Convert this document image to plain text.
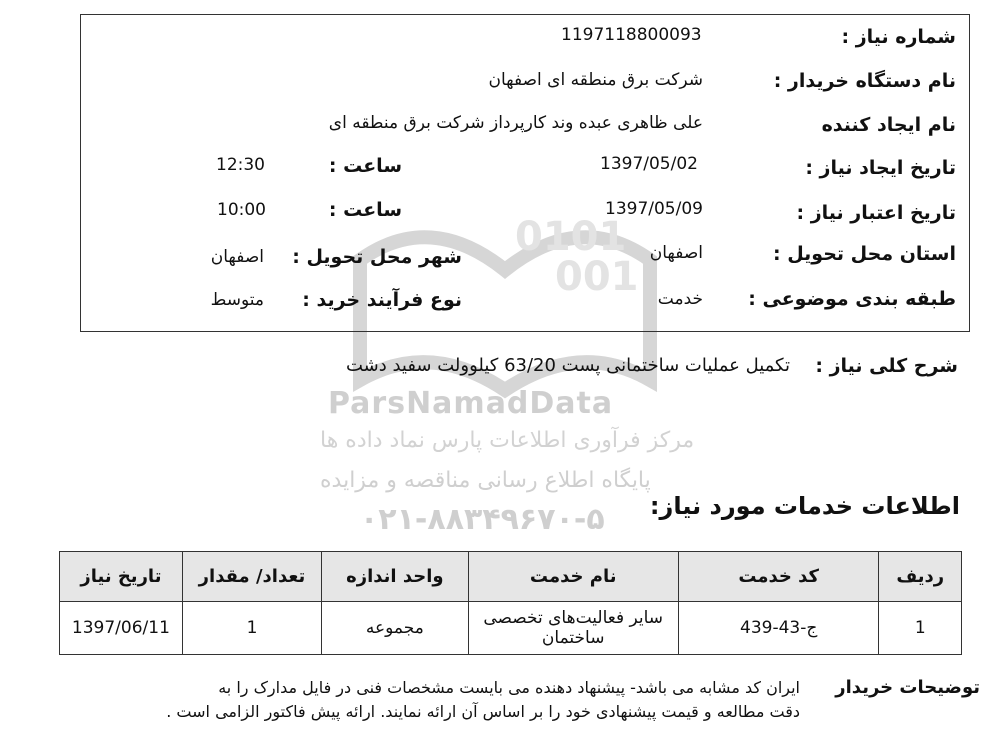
0101
001
ParsNamadData
مرکز فرآوری اطلاعات پارس نماد داده ها
پایگاه اطلاع رسانی مناقصه و مزایده
۰۲۱-۸۸۳۴۹۶۷۰-۵
شماره نیاز :
1197118800093
نام دستگاه خریدار :
شرکت برق منطقه ای اصفهان
نام ایجاد کننده
علی ظاهری عبده وند کارپرداز شرکت برق منطقه ای
تاریخ ایجاد نیاز :
1397/05/02
ساعت :
12:30
تاریخ اعتبار نیاز :
1397/05/09
ساعت :
10:00
استان محل تحویل :
اصفهان
شهر محل تحویل :
اصفهان
طبقه بندی موضوعی :
خدمت
نوع فرآیند خرید :
متوسط
شرح کلی نیاز :
تکمیل عملیات ساختمانی پست 63/20 کیلوولت سفید دشت
اطلاعات خدمات مورد نیاز:
ردیف	کد خدمت	نام خدمت	واحد اندازه	تعداد/ مقدار	تاریخ نیاز
1	ج-43-439	سایر فعالیت‌های تخصصی ساختمان	مجموعه	1	1397/06/11
توضیحات خریدار
ایران کد مشابه می باشد- پیشنهاد دهنده می بایست مشخصات فنی در فایل مدارک را به
دقت مطالعه و قیمت پیشنهادی خود را بر اساس آن ارائه نمایند. ارائه پیش فاکتور الزامی است .
